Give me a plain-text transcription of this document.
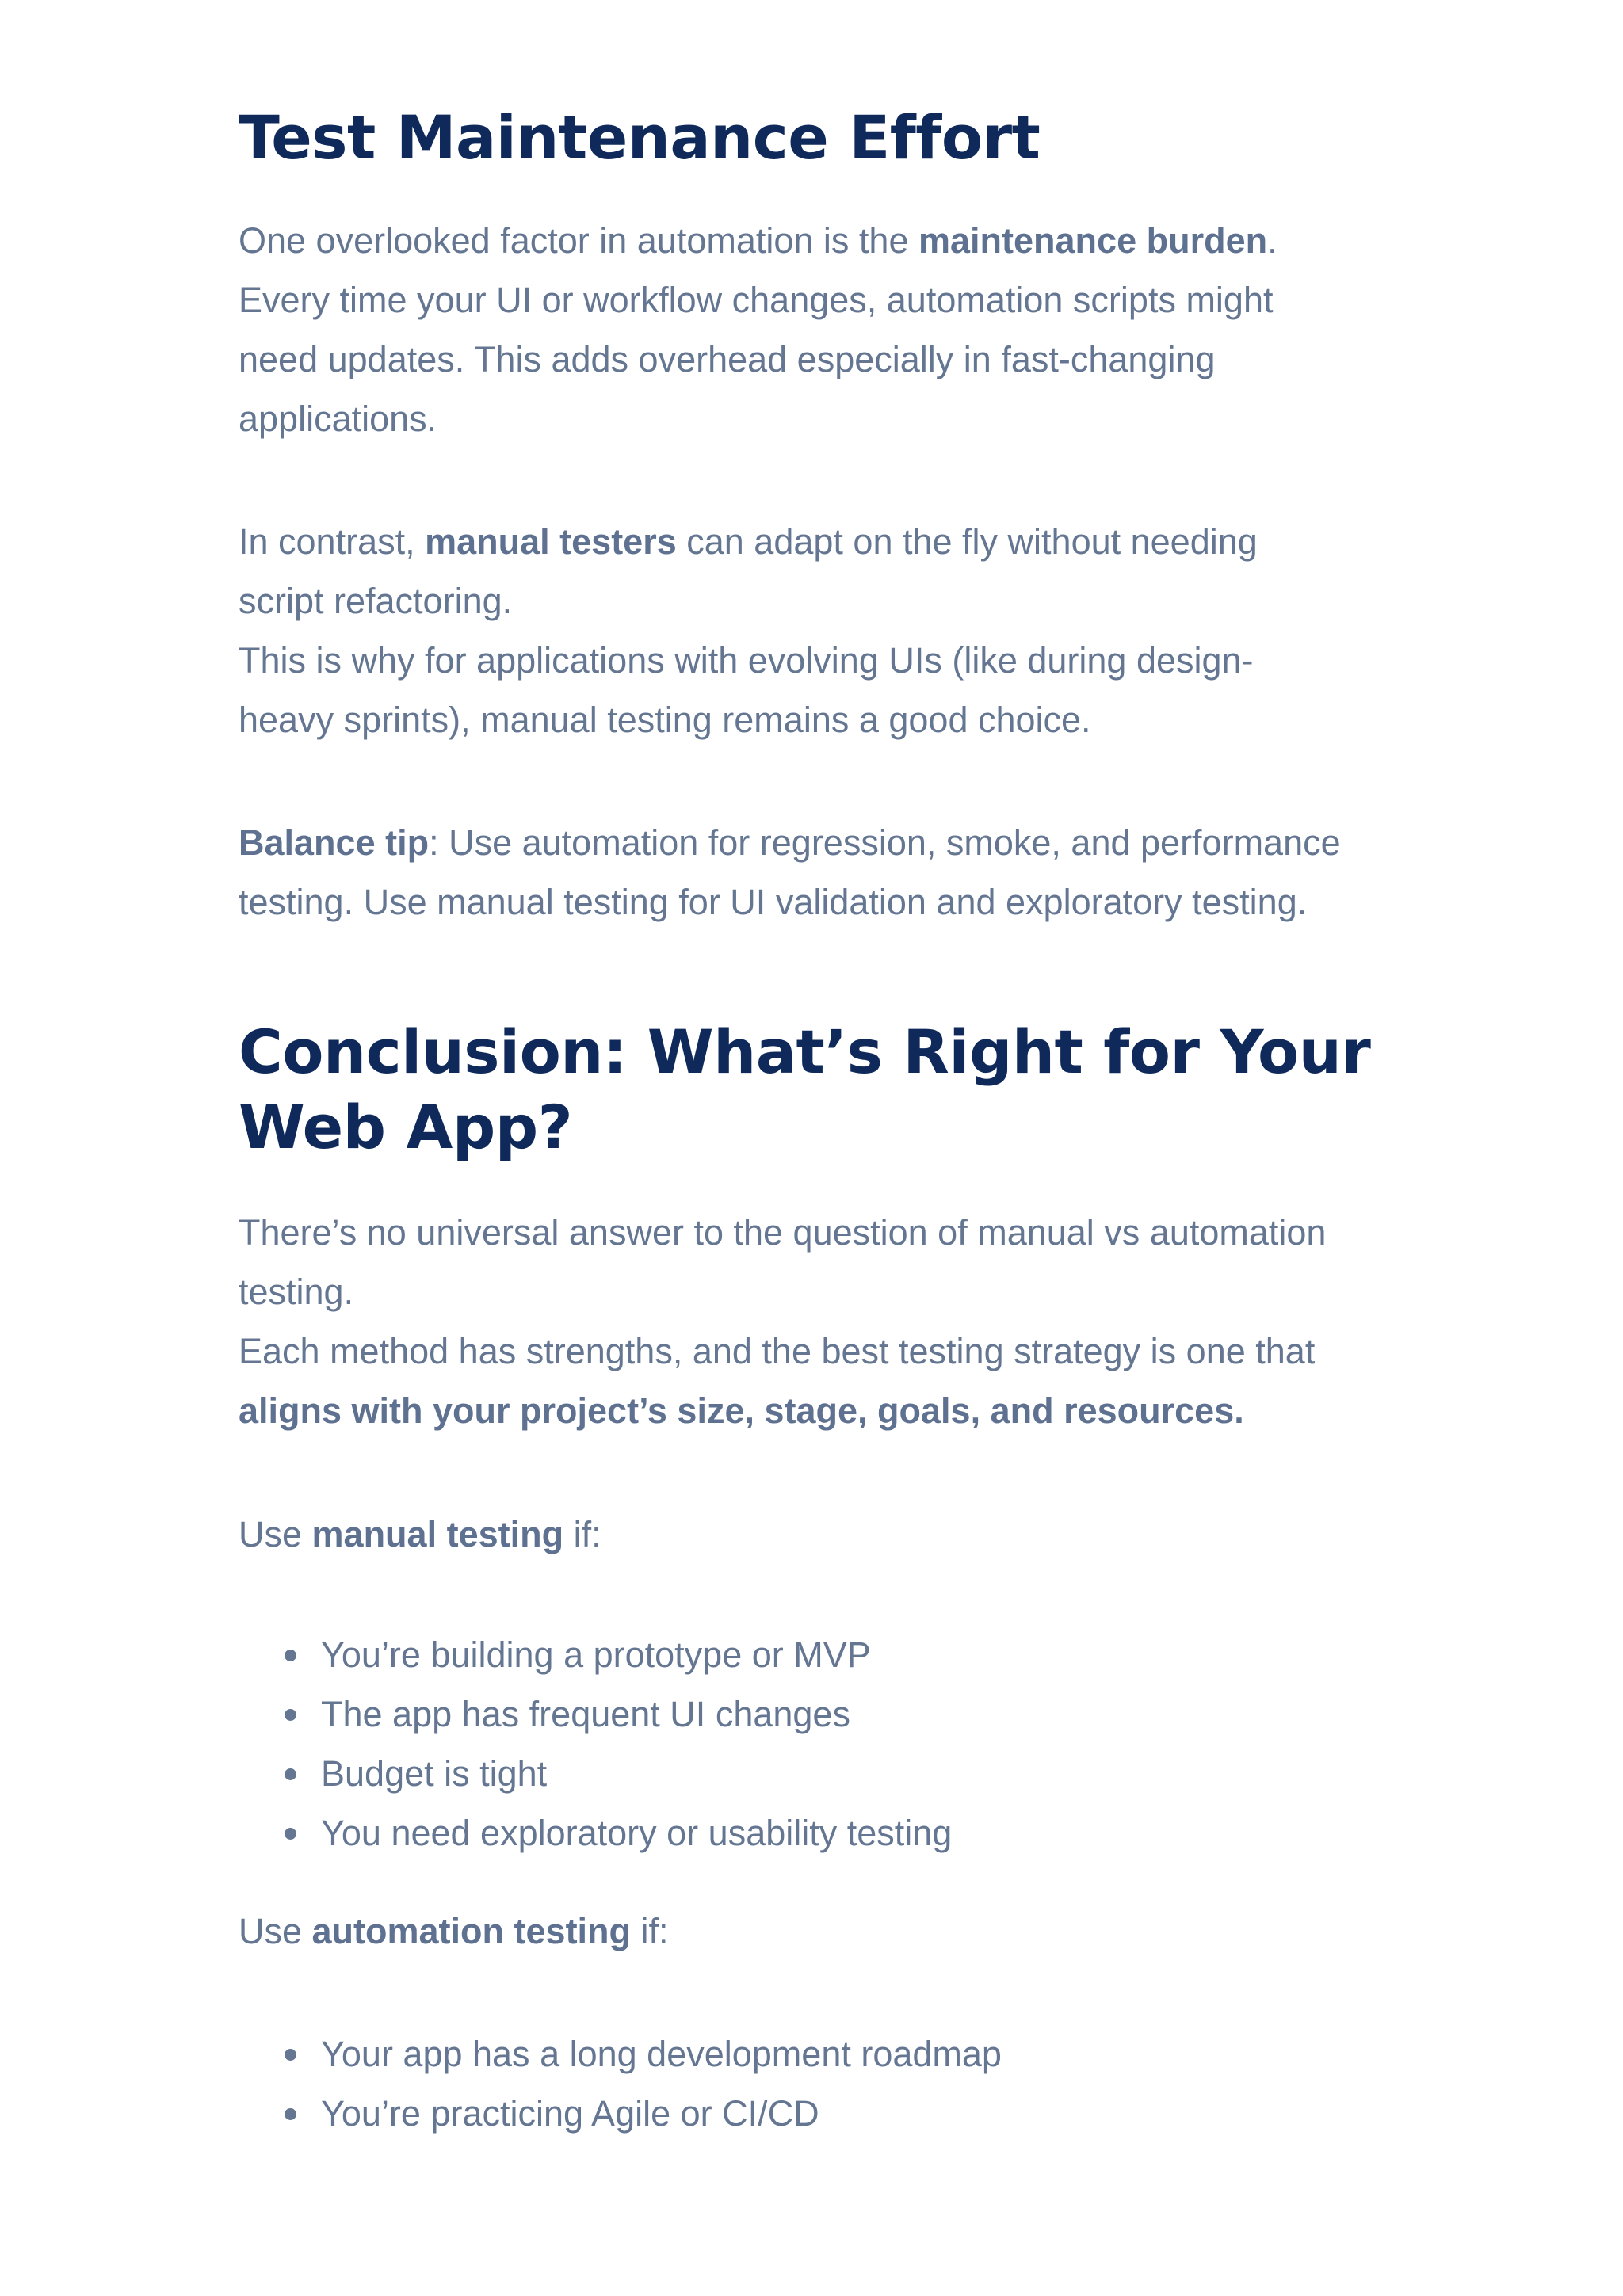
Test Maintenance Effort

One overlooked factor in automation is the maintenance burden.
Every time your UI or workflow changes, automation scripts might
need updates. This adds overhead especially in fast-changing
applications.

In contrast, manual testers can adapt on the fly without needing
script refactoring.
This is why for applications with evolving UIs (like during design-
heavy sprints), manual testing remains a good choice.

Balance tip: Use automation for regression, smoke, and performance
testing. Use manual testing for UI validation and exploratory testing.

Conclusion: What’s Right for Your Web App?

There’s no universal answer to the question of manual vs automation
testing.
Each method has strengths, and the best testing strategy is one that
aligns with your project’s size, stage, goals, and resources.

Use manual testing if:

You’re building a prototype or MVP
The app has frequent UI changes
Budget is tight
You need exploratory or usability testing

Use automation testing if:

Your app has a long development roadmap
You’re practicing Agile or CI/CD
